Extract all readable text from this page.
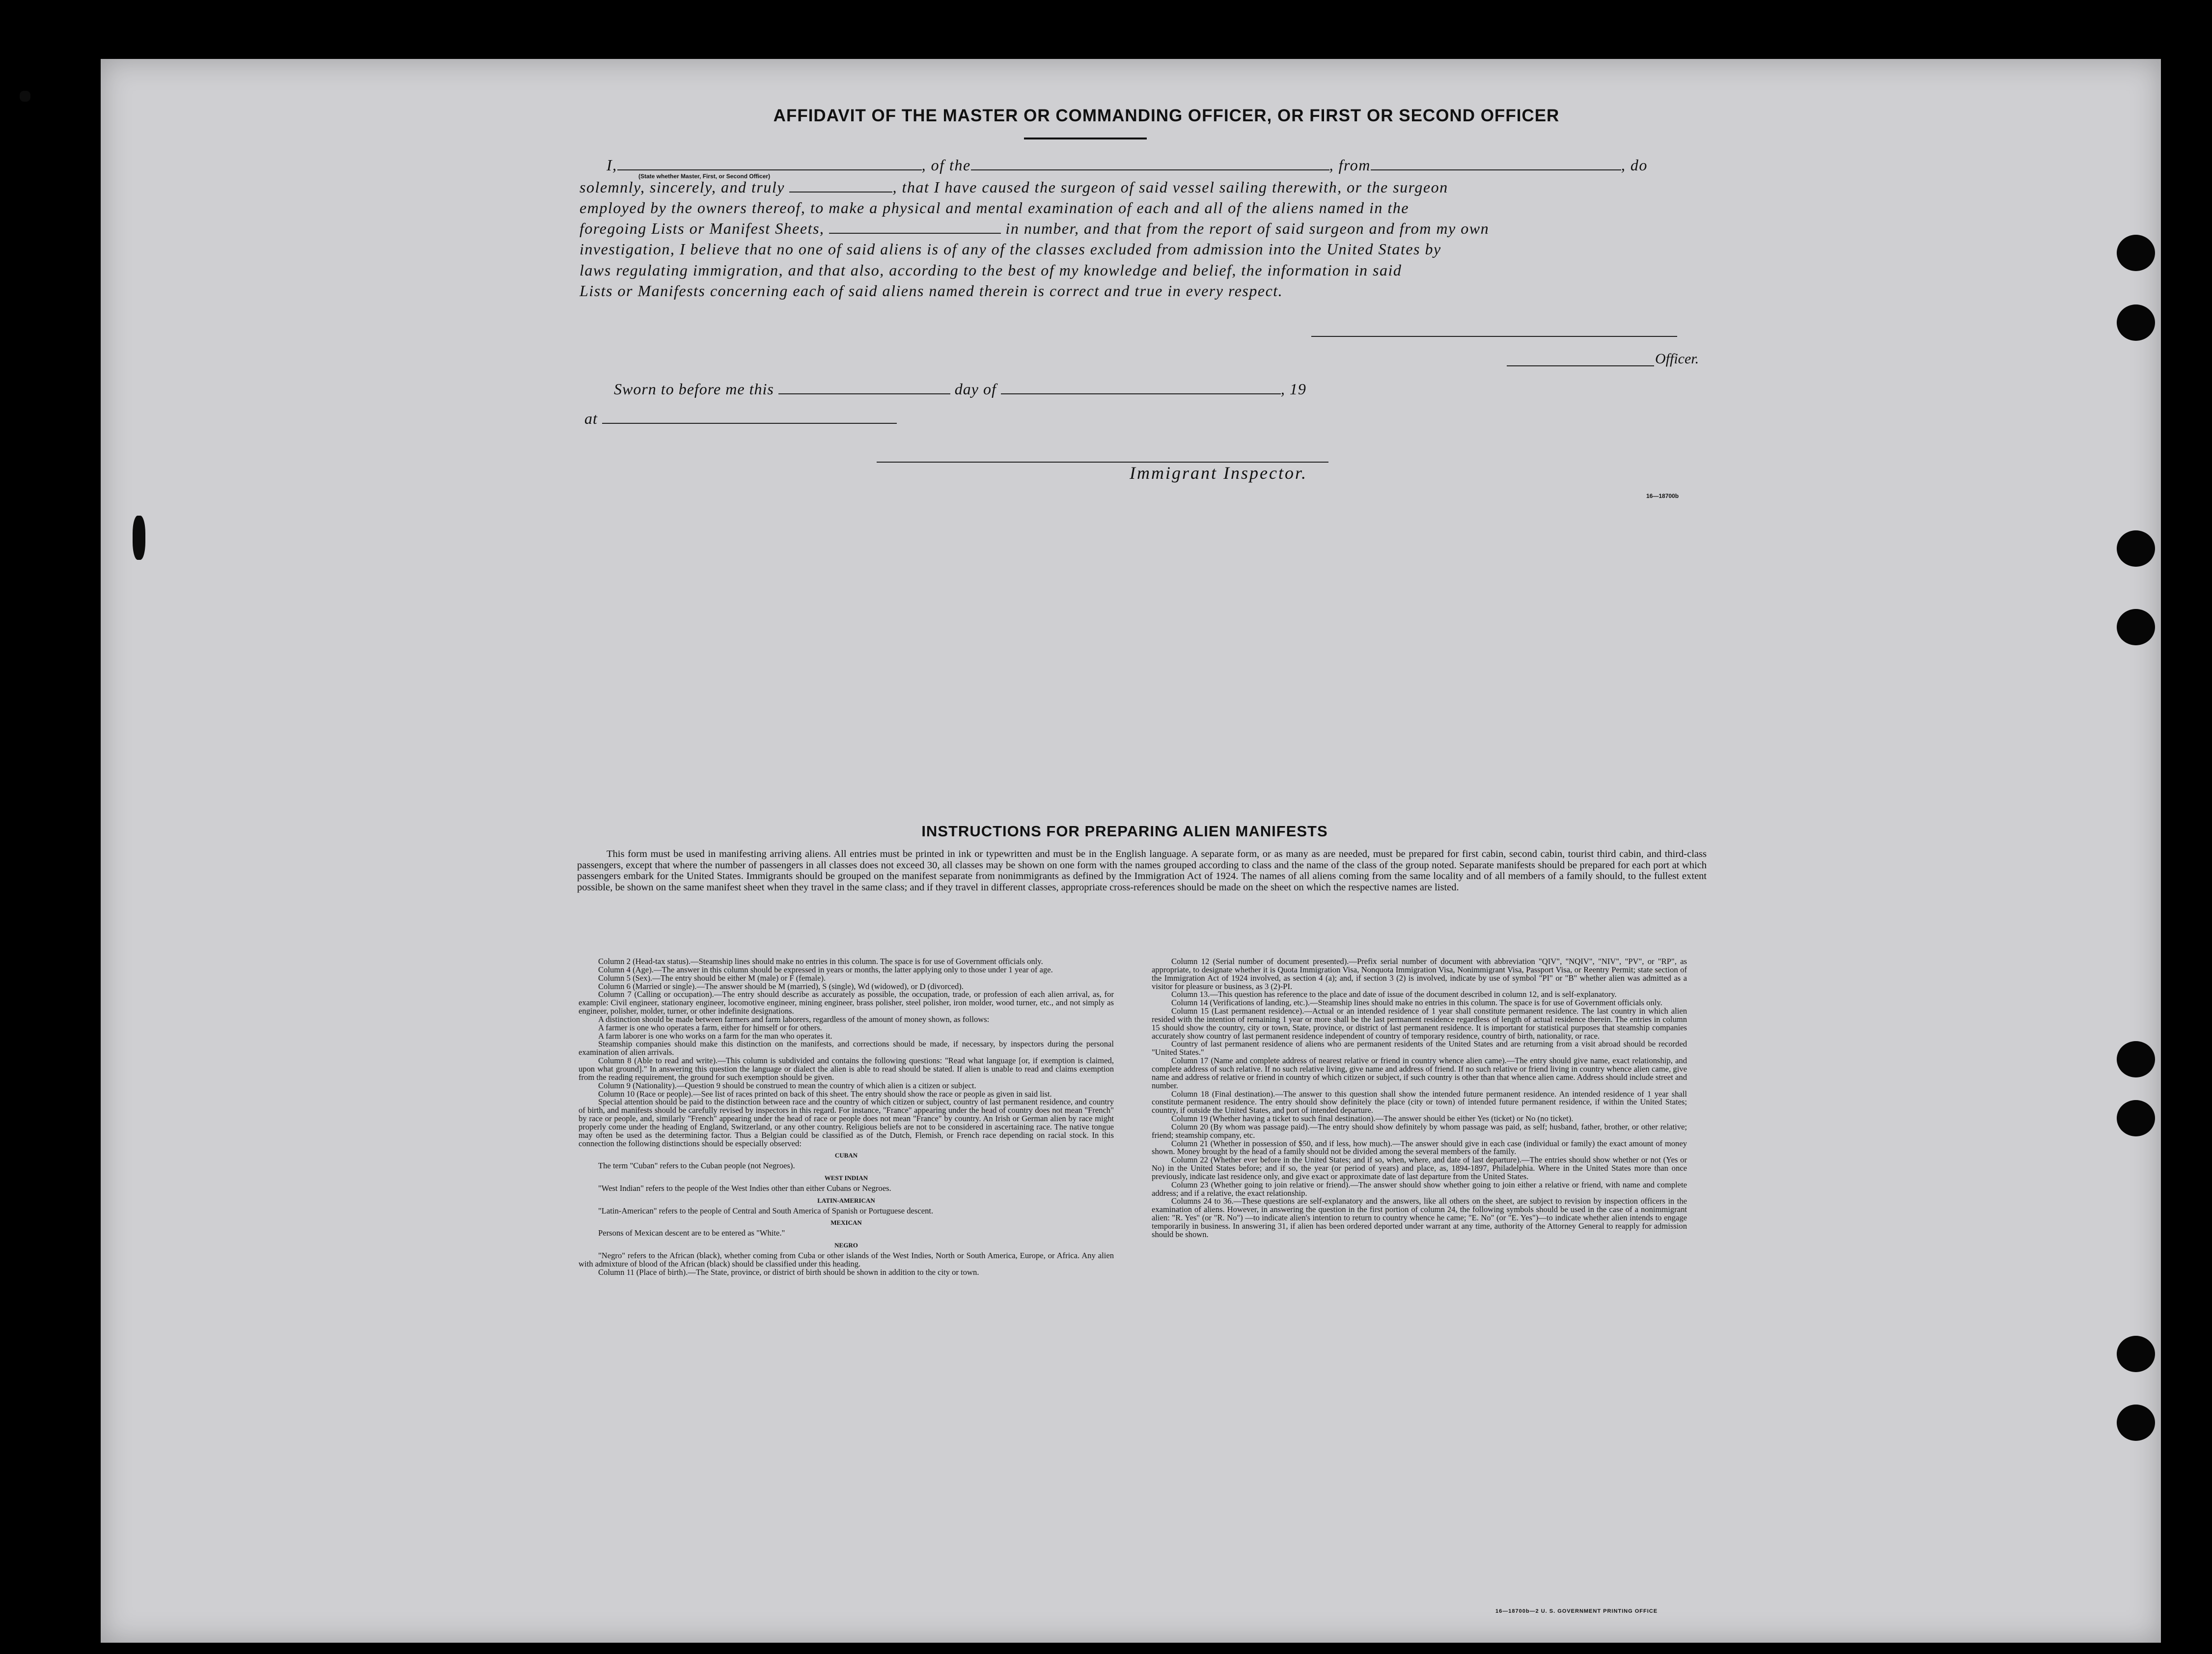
AFFIDAVIT OF THE MASTER OR COMMANDING OFFICER, OR FIRST OR SECOND OFFICER
I,	, of the	, from	, do
(State whether Master, First, or Second Officer)
solemnly, sincerely, and truly	, that I have caused the surgeon of said vessel sailing therewith, or the surgeon
employed by the owners thereof, to make a physical and mental examination of each and all of the aliens named in the
foregoing Lists or Manifest Sheets,	in number, and that from the report of said surgeon and from my own
investigation, I believe that no one of said aliens is of any of the classes excluded from admission into the United States by
laws regulating immigration, and that also, according to the best of my knowledge and belief, the information in said
Lists or Manifests concerning each of said aliens named therein is correct and true in every respect.
Officer.
Sworn to before me this	day of	, 19
at
Immigrant Inspector.
16—18700b
INSTRUCTIONS FOR PREPARING ALIEN MANIFESTS

This form must be used in manifesting arriving aliens. All entries must be printed in ink or typewritten and must be in the English language. A separate form, or as many as are needed, must be prepared for first cabin, second cabin, tourist third cabin, and third-class passengers, except that where the number of passengers in all classes does not exceed 30, all classes may be shown on one form with the names grouped according to class and the name of the class of the group noted. Separate manifests should be prepared for each port at which passengers embark for the United States. Immigrants should be grouped on the manifest separate from nonimmigrants as defined by the Immigration Act of 1924. The names of all aliens coming from the same locality and of all members of a family should, to the fullest extent possible, be shown on the same manifest sheet when they travel in the same class; and if they travel in different classes, appropriate cross-references should be made on the sheet on which the respective names are listed.

Column 2 (Head-tax status).—Steamship lines should make no entries in this column. The space is for use of Government officials only.

Column 4 (Age).—The answer in this column should be expressed in years or months, the latter applying only to those under 1 year of age.

Column 5 (Sex).—The entry should be either M (male) or F (female).

Column 6 (Married or single).—The answer should be M (married), S (single), Wd (widowed), or D (divorced).

Column 7 (Calling or occupation).—The entry should describe as accurately as possible, the occupation, trade, or profession of each alien arrival, as, for example: Civil engineer, stationary engineer, locomotive engineer, mining engineer, brass polisher, steel polisher, iron molder, wood turner, etc., and not simply as engineer, polisher, molder, turner, or other indefinite designations.

A distinction should be made between farmers and farm laborers, regardless of the amount of money shown, as follows:

A farmer is one who operates a farm, either for himself or for others.

A farm laborer is one who works on a farm for the man who operates it.

Steamship companies should make this distinction on the manifests, and corrections should be made, if necessary, by inspectors during the personal examination of alien arrivals.

Column 8 (Able to read and write).—This column is subdivided and contains the following questions: "Read what language [or, if exemption is claimed, upon what ground]." In answering this question the language or dialect the alien is able to read should be stated. If alien is unable to read and claims exemption from the reading requirement, the ground for such exemption should be given.

Column 9 (Nationality).—Question 9 should be construed to mean the country of which alien is a citizen or subject.

Column 10 (Race or people).—See list of races printed on back of this sheet. The entry should show the race or people as given in said list.

Special attention should be paid to the distinction between race and the country of which citizen or subject, country of last permanent residence, and country of birth, and manifests should be carefully revised by inspectors in this regard. For instance, "France" appearing under the head of country does not mean "French" by race or people, and, similarly "French" appearing under the head of race or people does not mean "France" by country. An Irish or German alien by race might properly come under the heading of England, Switzerland, or any other country. Religious beliefs are not to be considered in ascertaining race. The native tongue may often be used as the determining factor. Thus a Belgian could be classified as of the Dutch, Flemish, or French race depending on racial stock. In this connection the following distinctions should be especially observed:

CUBAN

The term "Cuban" refers to the Cuban people (not Negroes).

WEST INDIAN

"West Indian" refers to the people of the West Indies other than either Cubans or Negroes.

LATIN-AMERICAN

"Latin-American" refers to the people of Central and South America of Spanish or Portuguese descent.

MEXICAN

Persons of Mexican descent are to be entered as "White."

NEGRO

"Negro" refers to the African (black), whether coming from Cuba or other islands of the West Indies, North or South America, Europe, or Africa. Any alien with admixture of blood of the African (black) should be classified under this heading.

Column 11 (Place of birth).—The State, province, or district of birth should be shown in addition to the city or town.

Column 12 (Serial number of document presented).—Prefix serial number of document with abbreviation "QIV", "NQIV", "NIV", "PV", or "RP", as appropriate, to designate whether it is Quota Immigration Visa, Nonquota Immigration Visa, Nonimmigrant Visa, Passport Visa, or Reentry Permit; state section of the Immigration Act of 1924 involved, as section 4 (a); and, if section 3 (2) is involved, indicate by use of symbol "PI" or "B" whether alien was admitted as a visitor for pleasure or business, as 3 (2)-PI.

Column 13.—This question has reference to the place and date of issue of the document described in column 12, and is self-explanatory.

Column 14 (Verifications of landing, etc.).—Steamship lines should make no entries in this column. The space is for use of Government officials only.

Column 15 (Last permanent residence).—Actual or an intended residence of 1 year shall constitute permanent residence. The last country in which alien resided with the intention of remaining 1 year or more shall be the last permanent residence regardless of length of actual residence therein. The entries in column 15 should show the country, city or town, State, province, or district of last permanent residence. It is important for statistical purposes that steamship companies accurately show country of last permanent residence independent of country of temporary residence, country of birth, nationality, or race.

Country of last permanent residence of aliens who are permanent residents of the United States and are returning from a visit abroad should be recorded "United States."

Column 17 (Name and complete address of nearest relative or friend in country whence alien came).—The entry should give name, exact relationship, and complete address of such relative. If no such relative living, give name and address of friend. If no such relative or friend living in country whence alien came, give name and address of relative or friend in country of which citizen or subject, if such country is other than that whence alien came. Address should include street and number.

Column 18 (Final destination).—The answer to this question shall show the intended future permanent residence. An intended residence of 1 year shall constitute permanent residence. The entry should show definitely the place (city or town) of intended future permanent residence, if within the United States; country, if outside the United States, and port of intended departure.

Column 19 (Whether having a ticket to such final destination).—The answer should be either Yes (ticket) or No (no ticket).

Column 20 (By whom was passage paid).—The entry should show definitely by whom passage was paid, as self; husband, father, brother, or other relative; friend; steamship company, etc.

Column 21 (Whether in possession of $50, and if less, how much).—The answer should give in each case (individual or family) the exact amount of money shown. Money brought by the head of a family should not be divided among the several members of the family.

Column 22 (Whether ever before in the United States; and if so, when, where, and date of last departure).—The entries should show whether or not (Yes or No) in the United States before; and if so, the year (or period of years) and place, as, 1894-1897, Philadelphia. Where in the United States more than once previously, indicate last residence only, and give exact or approximate date of last departure from the United States.

Column 23 (Whether going to join relative or friend).—The answer should show whether going to join either a relative or friend, with name and complete address; and if a relative, the exact relationship.

Columns 24 to 36.—These questions are self-explanatory and the answers, like all others on the sheet, are subject to revision by inspection officers in the examination of aliens. However, in answering the question in the first portion of column 24, the following symbols should be used in the case of a nonimmigrant alien: "R. Yes" (or "R. No") —to indicate alien's intention to return to country whence he came; "E. No" (or "E. Yes")—to indicate whether alien intends to engage temporarily in business. In answering 31, if alien has been ordered deported under warrant at any time, authority of the Attorney General to reapply for admission should be shown.

16—18700b—2 U. S. GOVERNMENT PRINTING OFFICE
